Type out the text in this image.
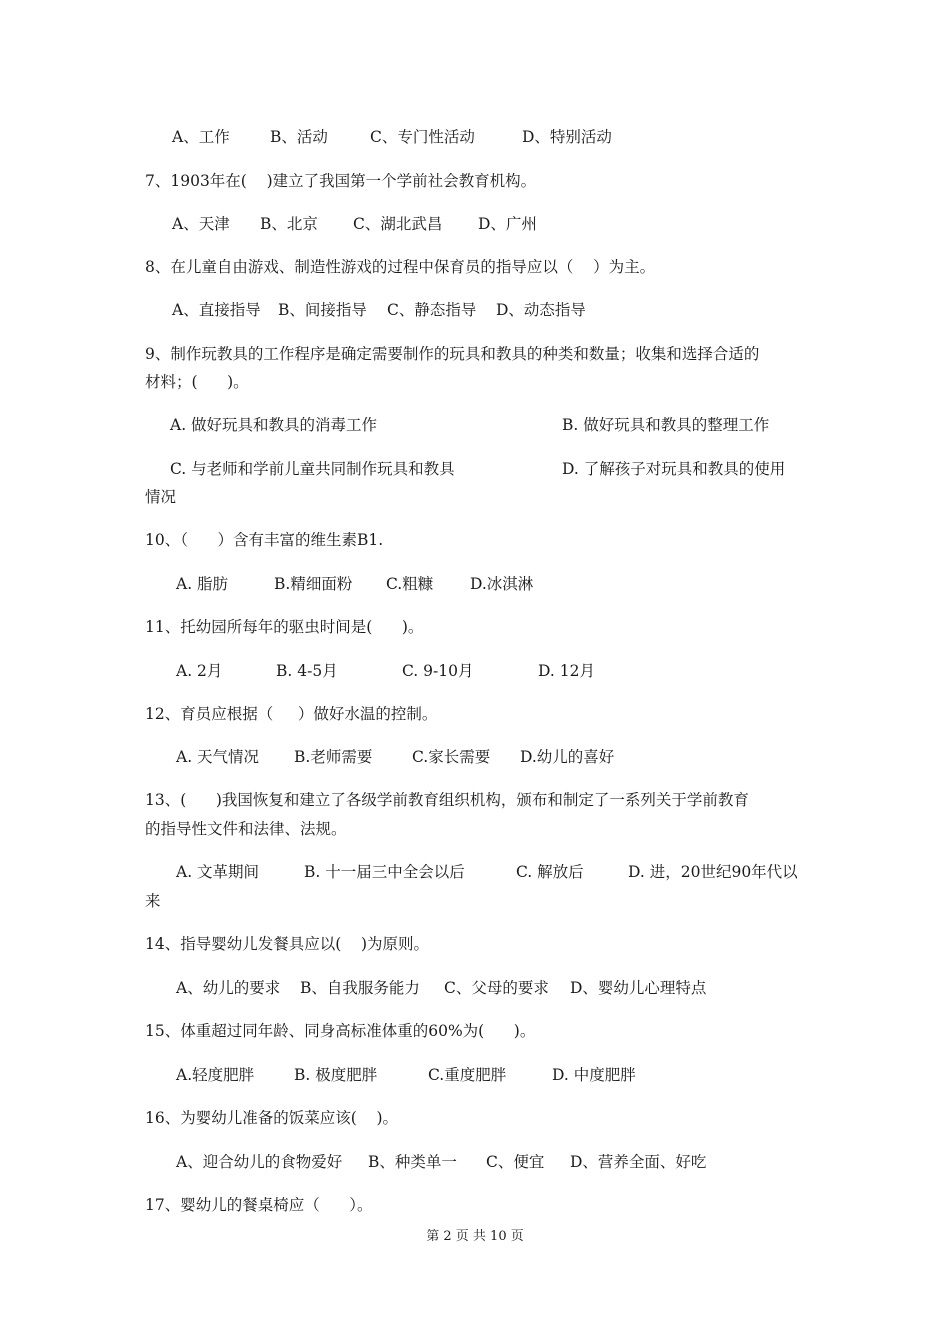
A、工作	B、活动	C、专门性活动	D、特别活动
7、1903年在(    )建立了我国第一个学前社会教育机构。
A、天津 B、北京 C、湖北武昌 D、广州
8、在儿童自由游戏、制造性游戏的过程中保育员的指导应以（    ）为主。
A、直接指导 B、间接指导 C、静态指导 D、动态指导
9、制作玩教具的工作程序是确定需要制作的玩具和教具的种类和数量；收集和选择合适的
材料；(      )。
A. 做好玩具和教具的消毒工作	B. 做好玩具和教具的整理工作
C. 与老师和学前儿童共同制作玩具和教具	D. 了解孩子对玩具和教具的使用
情况
10、（      ）含有丰富的维生素B1.
A. 脂肪	B.精细面粉 C.粗糠 D.冰淇淋
11、托幼园所每年的驱虫时间是(      )。
A. 2月	B. 4-5月	C. 9-10月	D. 12月
12、育员应根据（     ）做好水温的控制。
A. 天气情况 B.老师需要	C.家长需要 D.幼儿的喜好
13、(      )我国恢复和建立了各级学前教育组织机构，颁布和制定了一系列关于学前教育
的指导性文件和法律、法规。
A. 文革期间	B. 十一届三中全会以后	C. 解放后	D. 进，20世纪90年代以
来
14、指导婴幼儿发餐具应以(    )为原则。
A、幼儿的要求 B、自我服务能力 C、父母的要求 D、婴幼儿心理特点
15、体重超过同年龄、同身高标准体重的60%为(      )。
A.轻度肥胖	B. 极度肥胖	C.重度肥胖	D. 中度肥胖
16、为婴幼儿准备的饭菜应该(    )。
A、迎合幼儿的食物爱好 B、种类单一 C、便宜 D、营养全面、好吃
17、婴幼儿的餐桌椅应（      ）。
第 2 页 共 10 页
